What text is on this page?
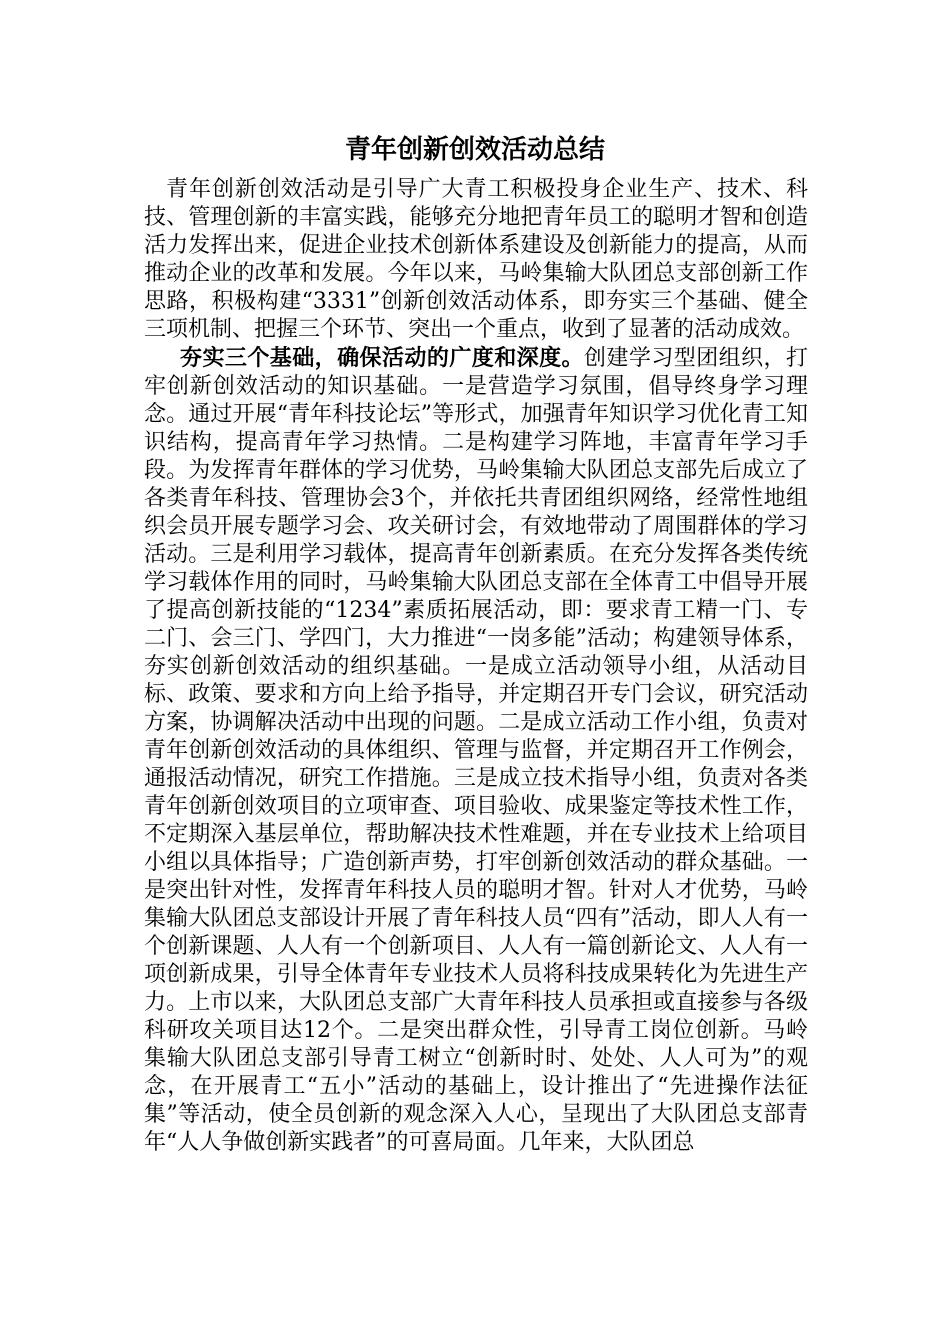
青年创新创效活动总结

青年创新创效活动是引导广大青工积极投身企业生产、技术、科技、管理创新的丰富实践，能够充分地把青年员工的聪明才智和创造活力发挥出来，促进企业技术创新体系建设及创新能力的提高，从而推动企业的改革和发展。今年以来，马岭集输大队团总支部创新工作思路，积极构建“3331”创新创效活动体系，即夯实三个基础、健全三项机制、把握三个环节、突出一个重点，收到了显著的活动成效。

夯实三个基础，确保活动的广度和深度。创建学习型团组织，打牢创新创效活动的知识基础。一是营造学习氛围，倡导终身学习理念。通过开展“青年科技论坛”等形式，加强青年知识学习优化青工知识结构，提高青年学习热情。二是构建学习阵地，丰富青年学习手段。为发挥青年群体的学习优势，马岭集输大队团总支部先后成立了各类青年科技、管理协会3个，并依托共青团组织网络，经常性地组织会员开展专题学习会、攻关研讨会，有效地带动了周围群体的学习活动。三是利用学习载体，提高青年创新素质。在充分发挥各类传统学习载体作用的同时，马岭集输大队团总支部在全体青工中倡导开展了提高创新技能的“1234”素质拓展活动，即：要求青工精一门、专二门、会三门、学四门，大力推进“一岗多能”活动；构建领导体系，夯实创新创效活动的组织基础。一是成立活动领导小组，从活动目标、政策、要求和方向上给予指导，并定期召开专门会议，研究活动方案，协调解决活动中出现的问题。二是成立活动工作小组，负责对青年创新创效活动的具体组织、管理与监督，并定期召开工作例会，通报活动情况，研究工作措施。三是成立技术指导小组，负责对各类青年创新创效项目的立项审查、项目验收、成果鉴定等技术性工作，不定期深入基层单位，帮助解决技术性难题，并在专业技术上给项目小组以具体指导；广造创新声势，打牢创新创效活动的群众基础。一是突出针对性，发挥青年科技人员的聪明才智。针对人才优势，马岭集输大队团总支部设计开展了青年科技人员“四有”活动，即人人有一个创新课题、人人有一个创新项目、人人有一篇创新论文、人人有一项创新成果，引导全体青年专业技术人员将科技成果转化为先进生产力。上市以来，大队团总支部广大青年科技人员承担或直接参与各级科研攻关项目达12个。二是突出群众性，引导青工岗位创新。马岭集输大队团总支部引导青工树立“创新时时、处处、人人可为”的观念，在开展青工“五小”活动的基础上，设计推出了“先进操作法征集”等活动，使全员创新的观念深入人心，呈现出了大队团总支部青年“人人争做创新实践者”的可喜局面。几年来，大队团总
